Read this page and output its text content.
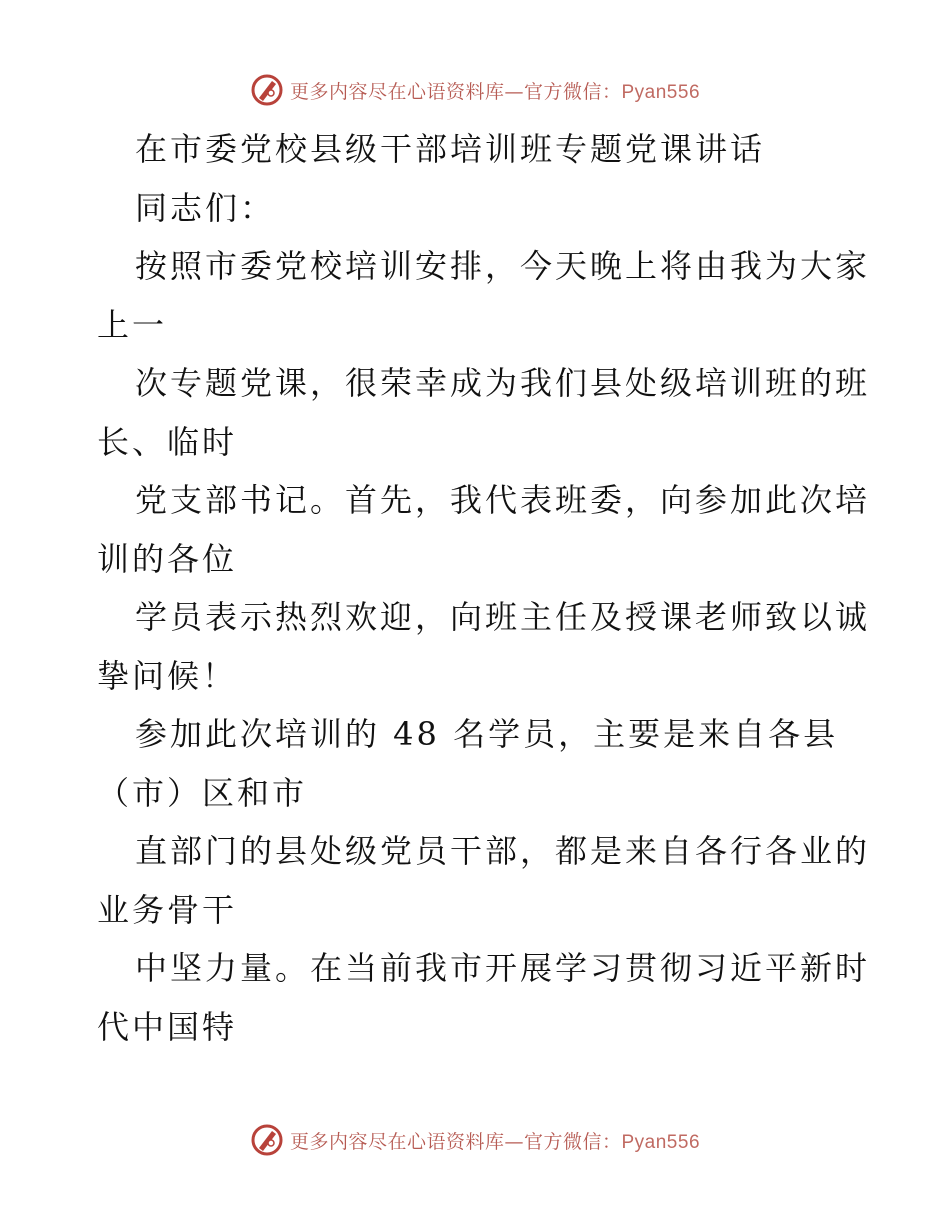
更多内容尽在心语资料库—官方微信：Pyan556
在市委党校县级干部培训班专题党课讲话
同志们：
按照市委党校培训安排，今天晚上将由我为大家
上一
次专题党课，很荣幸成为我们县处级培训班的班
长、临时
党支部书记。首先，我代表班委，向参加此次培
训的各位
学员表示热烈欢迎，向班主任及授课老师致以诚
挚问候！
参加此次培训的 48 名学员，主要是来自各县
（市）区和市
直部门的县处级党员干部，都是来自各行各业的
业务骨干
中坚力量。在当前我市开展学习贯彻习近平新时
代中国特
更多内容尽在心语资料库—官方微信：Pyan556
